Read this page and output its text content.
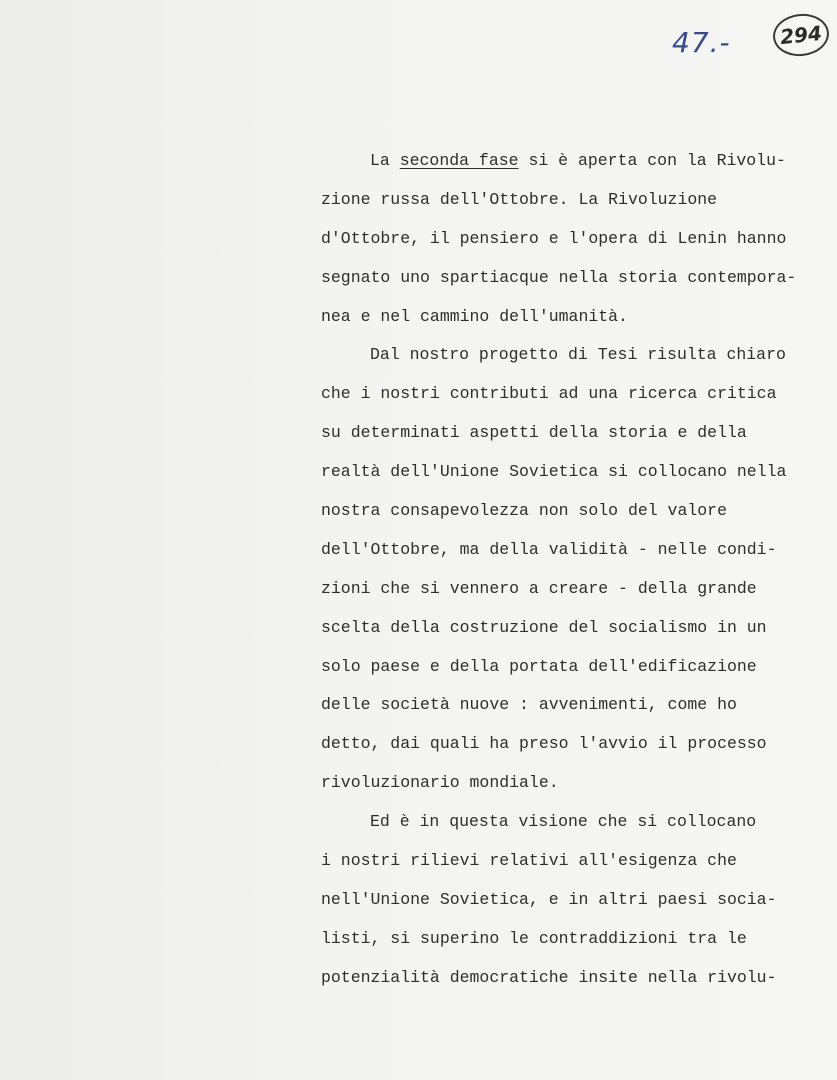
47.-	294
La seconda fase si è aperta con la Rivolu-
zione russa dell'Ottobre. La Rivoluzione
d'Ottobre, il pensiero e l'opera di Lenin hanno
segnato uno spartiacque nella storia contempora-
nea e nel cammino dell'umanità.
Dal nostro progetto di Tesi risulta chiaro
che i nostri contributi ad una ricerca critica
su determinati aspetti della storia e della
realtà dell'Unione Sovietica si collocano nella
nostra consapevolezza non solo del valore
dell'Ottobre, ma della validità - nelle condi-
zioni che si vennero a creare - della grande
scelta della costruzione del socialismo in un
solo paese e della portata dell'edificazione
delle società nuove : avvenimenti, come ho
detto, dai quali ha preso l'avvio il processo
rivoluzionario mondiale.
Ed è in questa visione che si collocano
i nostri rilievi relativi all'esigenza che
nell'Unione Sovietica, e in altri paesi socia-
listi, si superino le contraddizioni tra le
potenzialità democratiche insite nella rivolu-
